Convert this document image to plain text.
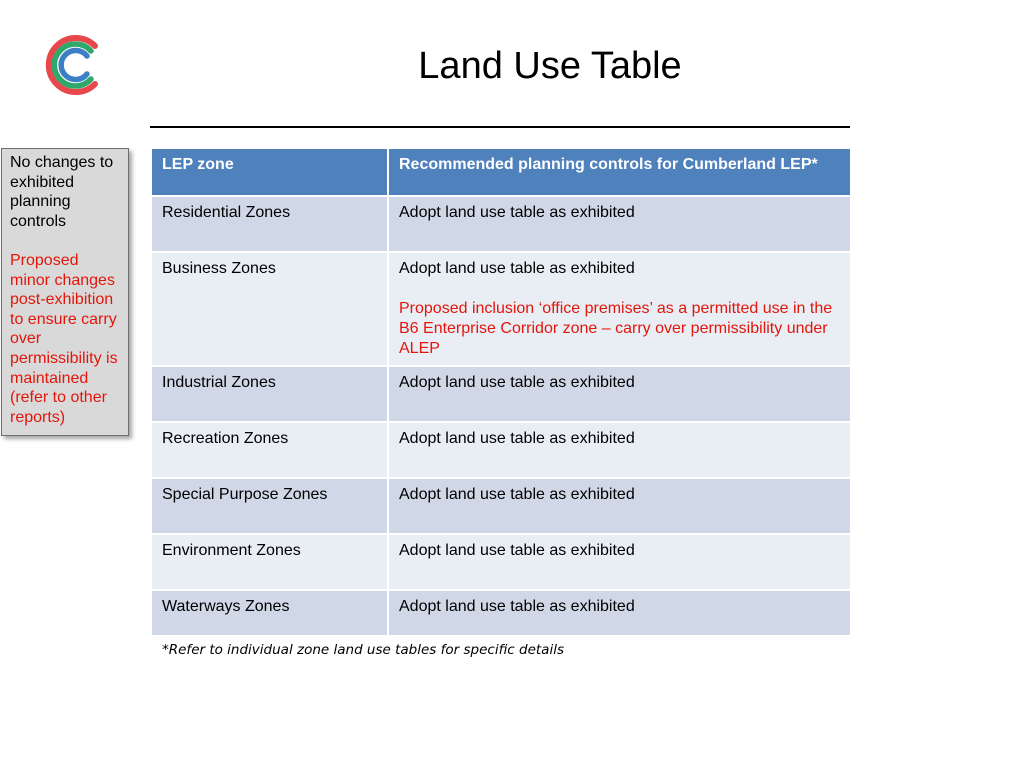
Land Use Table
No changes to exhibited planning controls
Proposed minor changes post-exhibition to ensure carry over permissibility is maintained (refer to other reports)
LEP zone	Recommended planning controls for Cumberland LEP*
Residential Zones	Adopt land use table as exhibited
Business Zones	Adopt land use table as exhibited
Proposed inclusion ‘office premises’ as a permitted use in the B6 Enterprise Corridor zone – carry over permissibility under ALEP

Industrial Zones	Adopt land use table as exhibited
Recreation Zones	Adopt land use table as exhibited
Special Purpose Zones	Adopt land use table as exhibited
Environment Zones	Adopt land use table as exhibited
Waterways Zones	Adopt land use table as exhibited
*Refer to individual zone land use tables for specific details
